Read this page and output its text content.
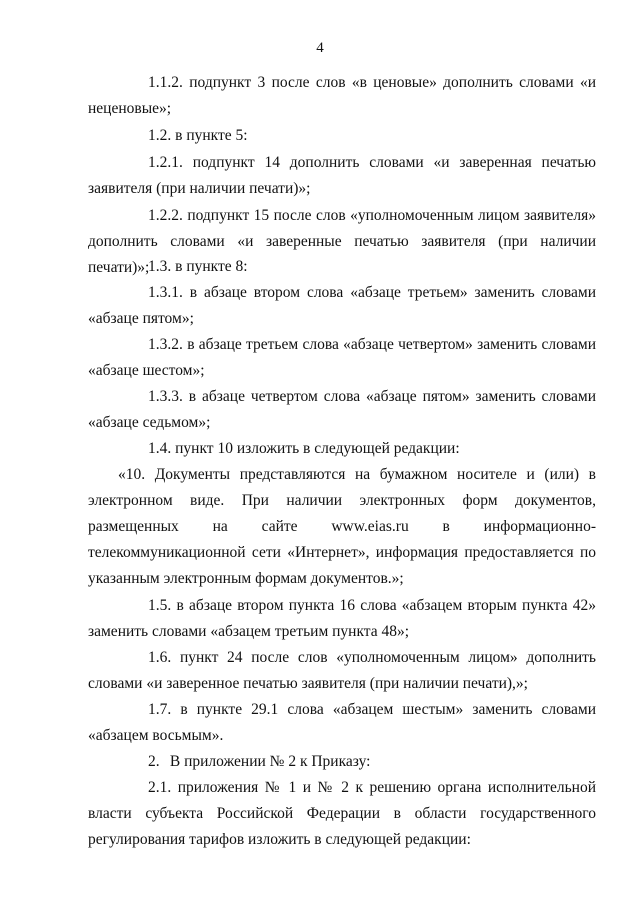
4

1.1.2. подпункт 3 после слов «в ценовые» дополнить словами «и неценовые»;

1.2. в пункте 5:

1.2.1. подпункт 14 дополнить словами «и заверенная печатью заявителя (при наличии печати)»;

1.2.2. подпункт 15 после слов «уполномоченным лицом заявителя» дополнить словами «и заверенные печатью заявителя (при наличии печати)»;

1.3. в пункте 8:

1.3.1. в абзаце втором слова «абзаце третьем» заменить словами «абзаце пятом»;

1.3.2. в абзаце третьем слова «абзаце четвертом» заменить словами «абзаце шестом»;

1.3.3. в абзаце четвертом слова «абзаце пятом» заменить словами «абзаце седьмом»;

1.4. пункт 10 изложить в следующей редакции:

«10. Документы представляются на бумажном носителе и (или) в электронном виде. При наличии электронных форм документов, размещенных на сайте www.eias.ru в информационно-телекоммуникационной сети «Интернет», информация предоставляется по указанным электронным формам документов.»;

1.5. в абзаце втором пункта 16 слова «абзацем вторым пункта 42» заменить словами «абзацем третьим пункта 48»;

1.6. пункт 24 после слов «уполномоченным лицом» дополнить словами «и заверенное печатью заявителя (при наличии печати),»;

1.7. в пункте 29.1 слова «абзацем шестым» заменить словами «абзацем восьмым».

2. В приложении № 2 к Приказу:

2.1. приложения № 1 и № 2 к решению органа исполнительной власти субъекта Российской Федерации в области государственного регулирования тарифов изложить в следующей редакции:
